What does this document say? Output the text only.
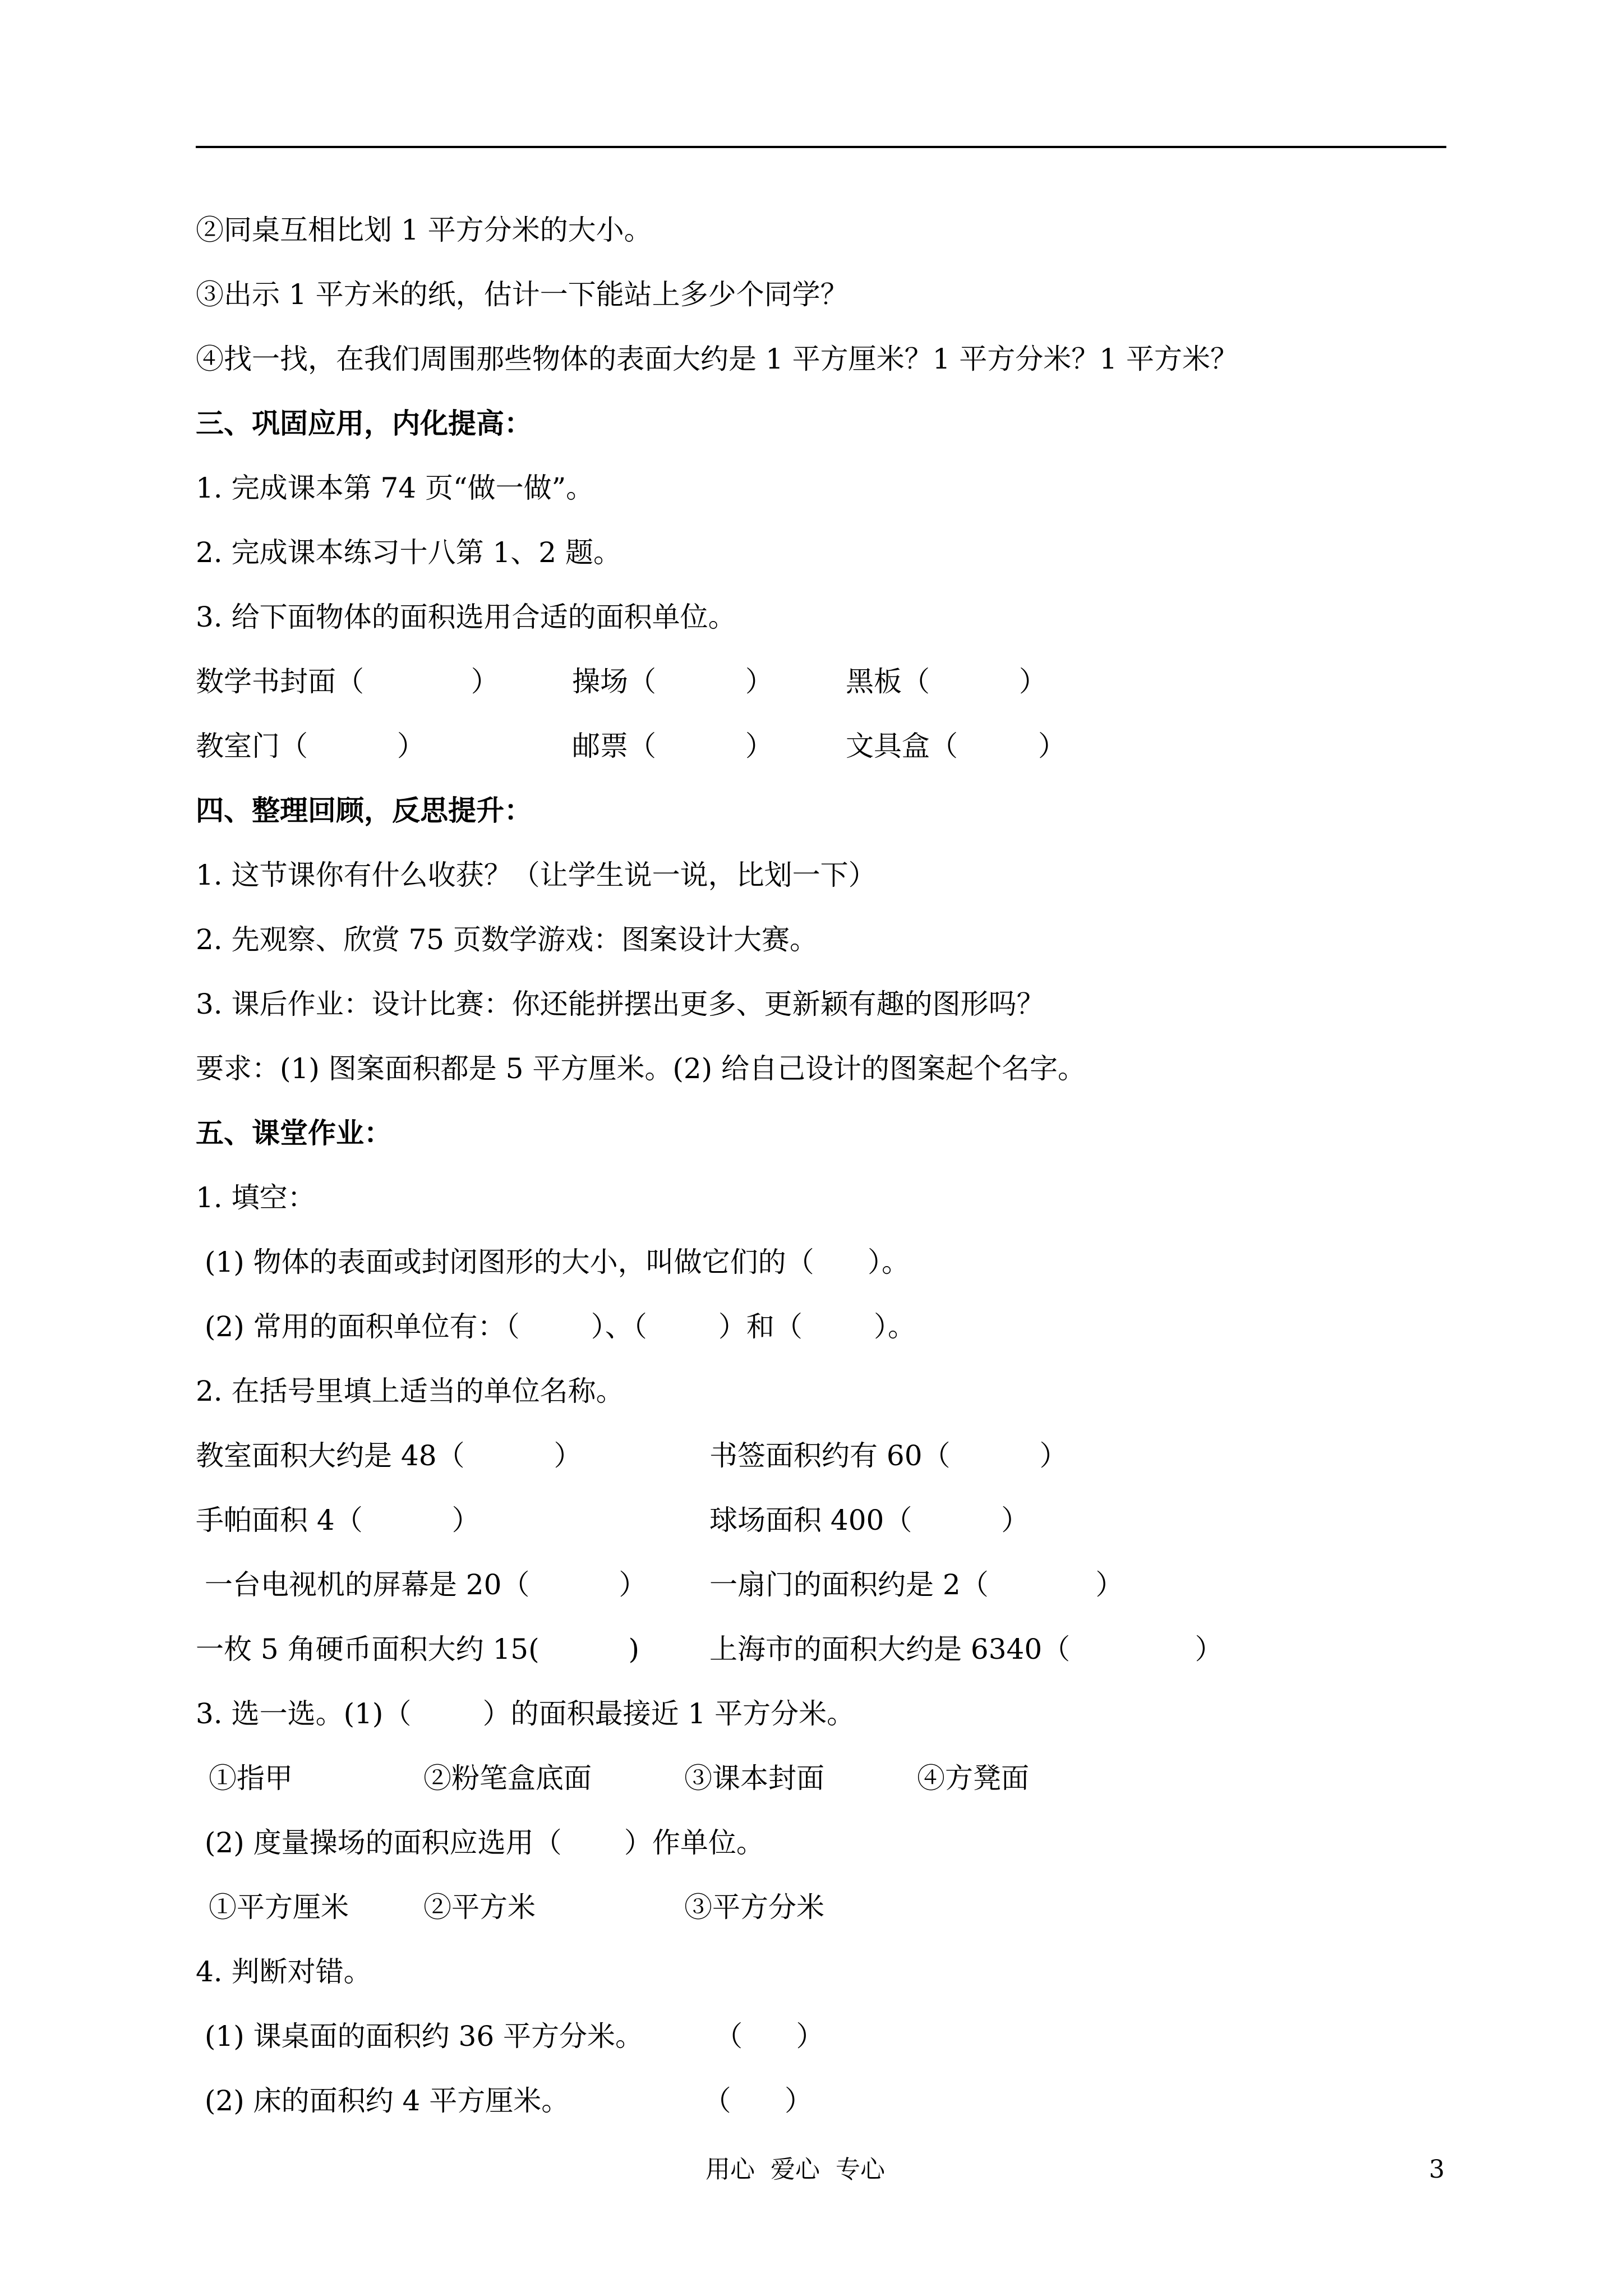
②同桌互相比划 1 平方分米的大小。
③出示 1 平方米的纸，估计一下能站上多少个同学？
④找一找，在我们周围那些物体的表面大约是 1 平方厘米？1 平方分米？1 平方米？
三、巩固应用，内化提高：
1. 完成课本第 74 页“做一做”。
2. 完成课本练习十八第 1、2 题。
3. 给下面物体的面积选用合适的面积单位。
数学书封面（            ）	操场（          ）	黑板（          ）
教室门（          ）	邮票（          ）	文具盒（         ）
四、整理回顾，反思提升：
1. 这节课你有什么收获？（让学生说一说，比划一下）
2. 先观察、欣赏 75 页数学游戏：图案设计大赛。
3. 课后作业：设计比赛：你还能拼摆出更多、更新颖有趣的图形吗？
要求：(1) 图案面积都是 5 平方厘米。(2) 给自己设计的图案起个名字。
五、课堂作业：
1. 填空：
(1) 物体的表面或封闭图形的大小，叫做它们的（      ）。
(2) 常用的面积单位有：（        ）、（        ）和（        ）。
2. 在括号里填上适当的单位名称。
教室面积大约是 48（          ）	书签面积约有 60（          ）
手帕面积 4（          ）	球场面积 400（          ）
一台电视机的屏幕是 20（          ） 一扇门的面积约是 2（            ）
一枚 5 角硬币面积大约 15(          ) 上海市的面积大约是 6340（              ）
3. 选一选。(1)（        ）的面积最接近 1 平方分米。
①指甲	②粉笔盒底面	③课本封面	④方凳面
(2) 度量操场的面积应选用（       ）作单位。
①平方厘米	②平方米	③平方分米
4. 判断对错。
(1) 课桌面的面积约 36 平方分米。        （      ）
(2) 床的面积约 4 平方厘米。               （      ）
用心  爱心  专心	3
